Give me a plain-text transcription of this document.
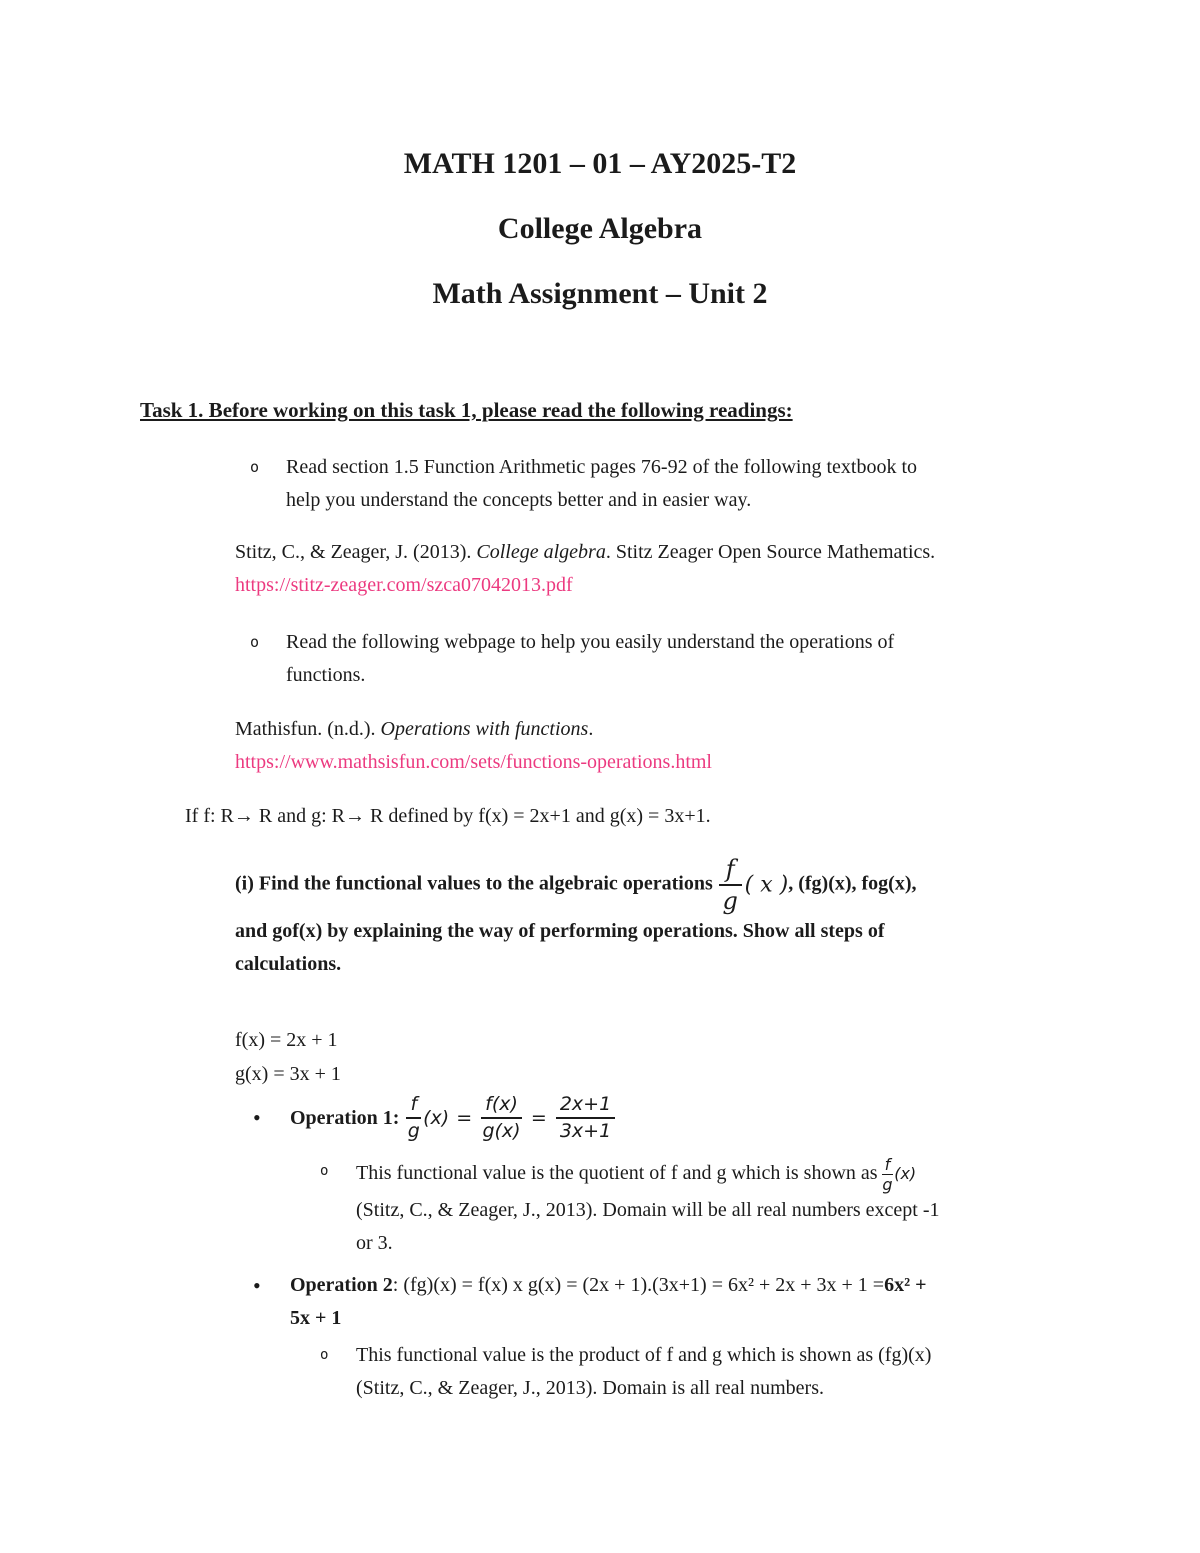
MATH 1201 – 01 – AY2025-T2
College Algebra
Math Assignment – Unit 2
Task 1. Before working on this task 1, please read the following readings:
o	Read section 1.5 Function Arithmetic pages 76-92 of the following textbook to
help you understand the concepts better and in easier way.
Stitz, C., & Zeager, J. (2013). College algebra. Stitz Zeager Open Source Mathematics.
https://stitz-zeager.com/szca07042013.pdf
o	Read the following webpage to help you easily understand the operations of
functions.
Mathisfun. (n.d.). Operations with functions.
https://www.mathsisfun.com/sets/functions-operations.html
If f: R→ R and g: R→ R defined by f(x) = 2x+1 and g(x) = 3x+1.
(i) Find the functional values to the algebraic operations $\frac{f}{g}$ ( x ), (fg)(x), fog(x),
and gof(x) by explaining the way of performing operations. Show all steps of
calculations.
f(x) = 2x + 1
g(x) = 3x + 1
•	Operation 1: $\frac{f}{g} (x) = \frac{f(x)}{g(x)} = \frac{2x+1}{3x+1}$
o	This functional value is the quotient of f and g which is shown as $\frac{f}{g} (x)$
(Stitz, C., & Zeager, J., 2013). Domain will be all real numbers except -1
or 3.
•	Operation 2: (fg)(x) = f(x) x g(x) = (2x + 1).(3x+1) = 6x² + 2x + 3x + 1 =6x² +
5x + 1
o	This functional value is the product of f and g which is shown as (fg)(x)
(Stitz, C., & Zeager, J., 2013). Domain is all real numbers.
